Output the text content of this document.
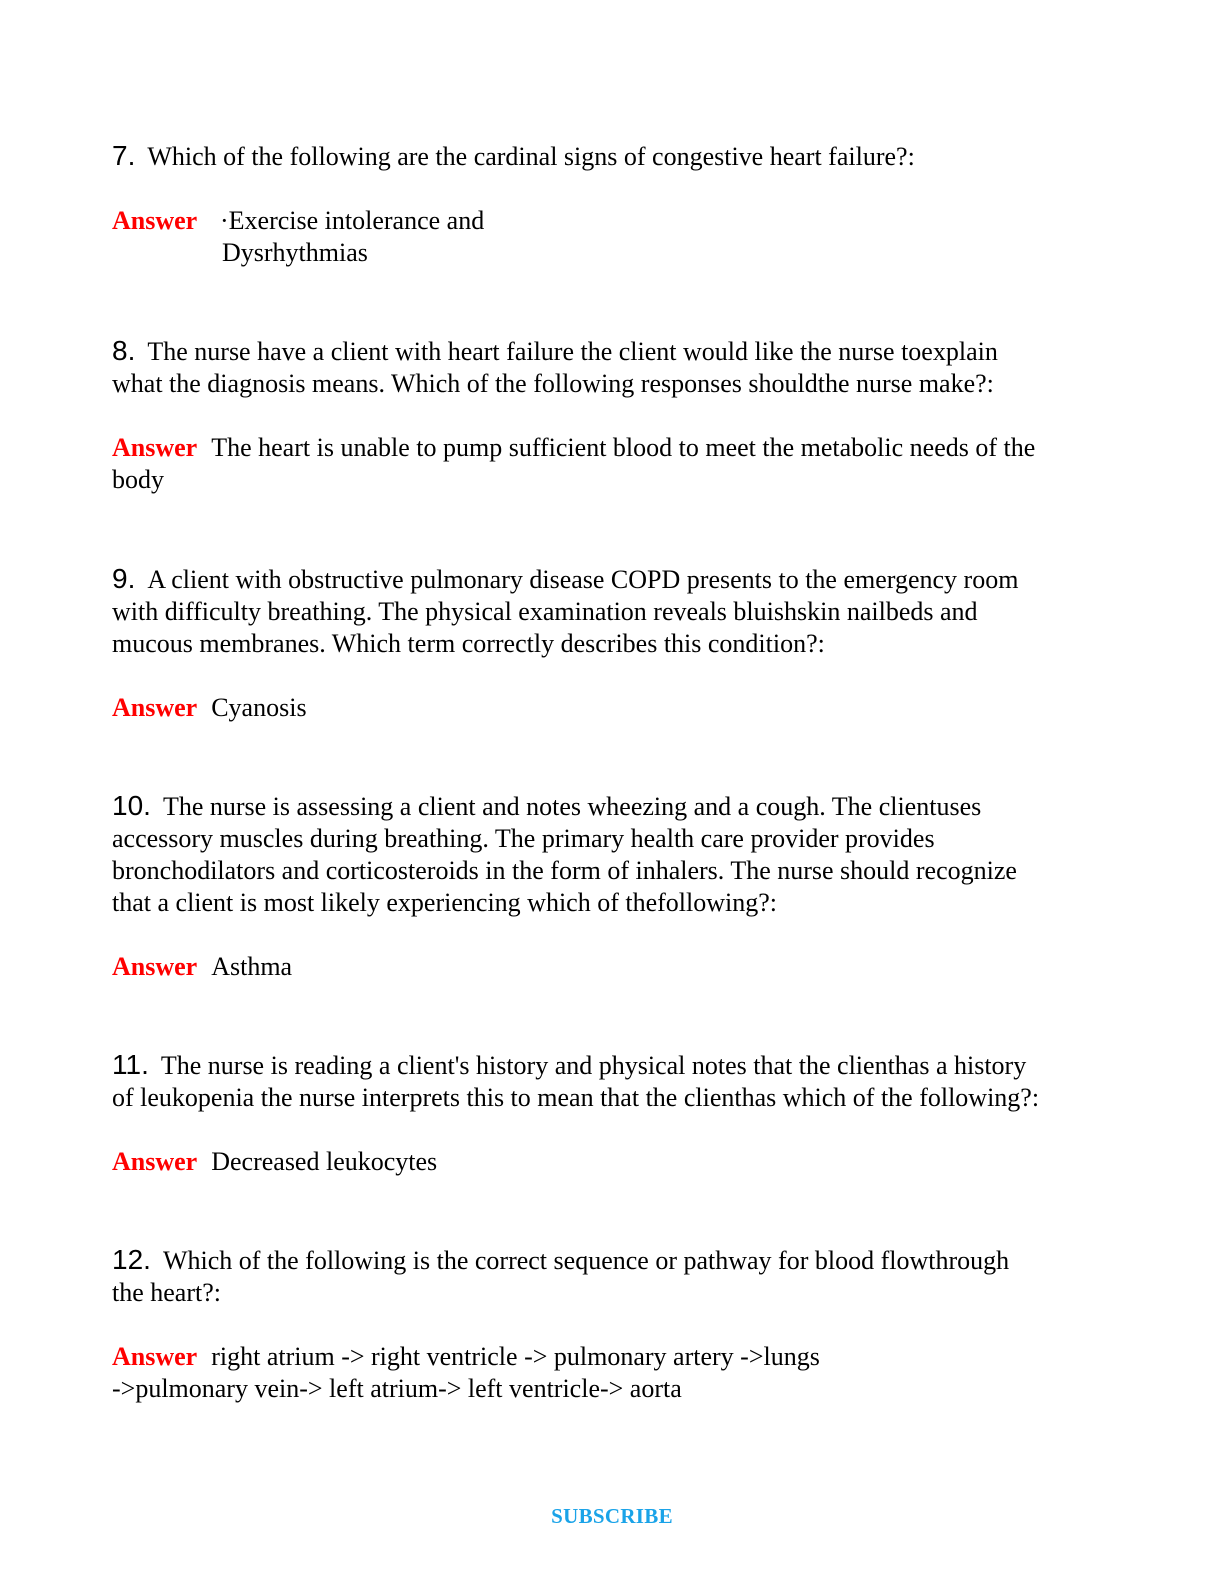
7. Which of the following are the cardinal signs of congestive heart failure?:
Answer ·Exercise intolerance and
Dysrhythmias
8. The nurse have a client with heart failure the client would like the nurse toexplain
what the diagnosis means. Which of the following responses shouldthe nurse make?:
Answer The heart is unable to pump sufficient blood to meet the metabolic needs of the
body
9. A client with obstructive pulmonary disease COPD presents to the emergency room
with difficulty breathing. The physical examination reveals bluishskin nailbeds and
mucous membranes. Which term correctly describes this condition?:
Answer Cyanosis
10. The nurse is assessing a client and notes wheezing and a cough. The clientuses
accessory muscles during breathing. The primary health care provider provides
bronchodilators and corticosteroids in the form of inhalers. The nurse should recognize
that a client is most likely experiencing which of thefollowing?:
Answer Asthma
11. The nurse is reading a client's history and physical notes that the clienthas a history
of leukopenia the nurse interprets this to mean that the clienthas which of the following?:
Answer Decreased leukocytes
12. Which of the following is the correct sequence or pathway for blood flowthrough
the heart?:
Answer right atrium -> right ventricle -> pulmonary artery ->lungs
->pulmonary vein-> left atrium-> left ventricle-> aorta
SUBSCRIBE
